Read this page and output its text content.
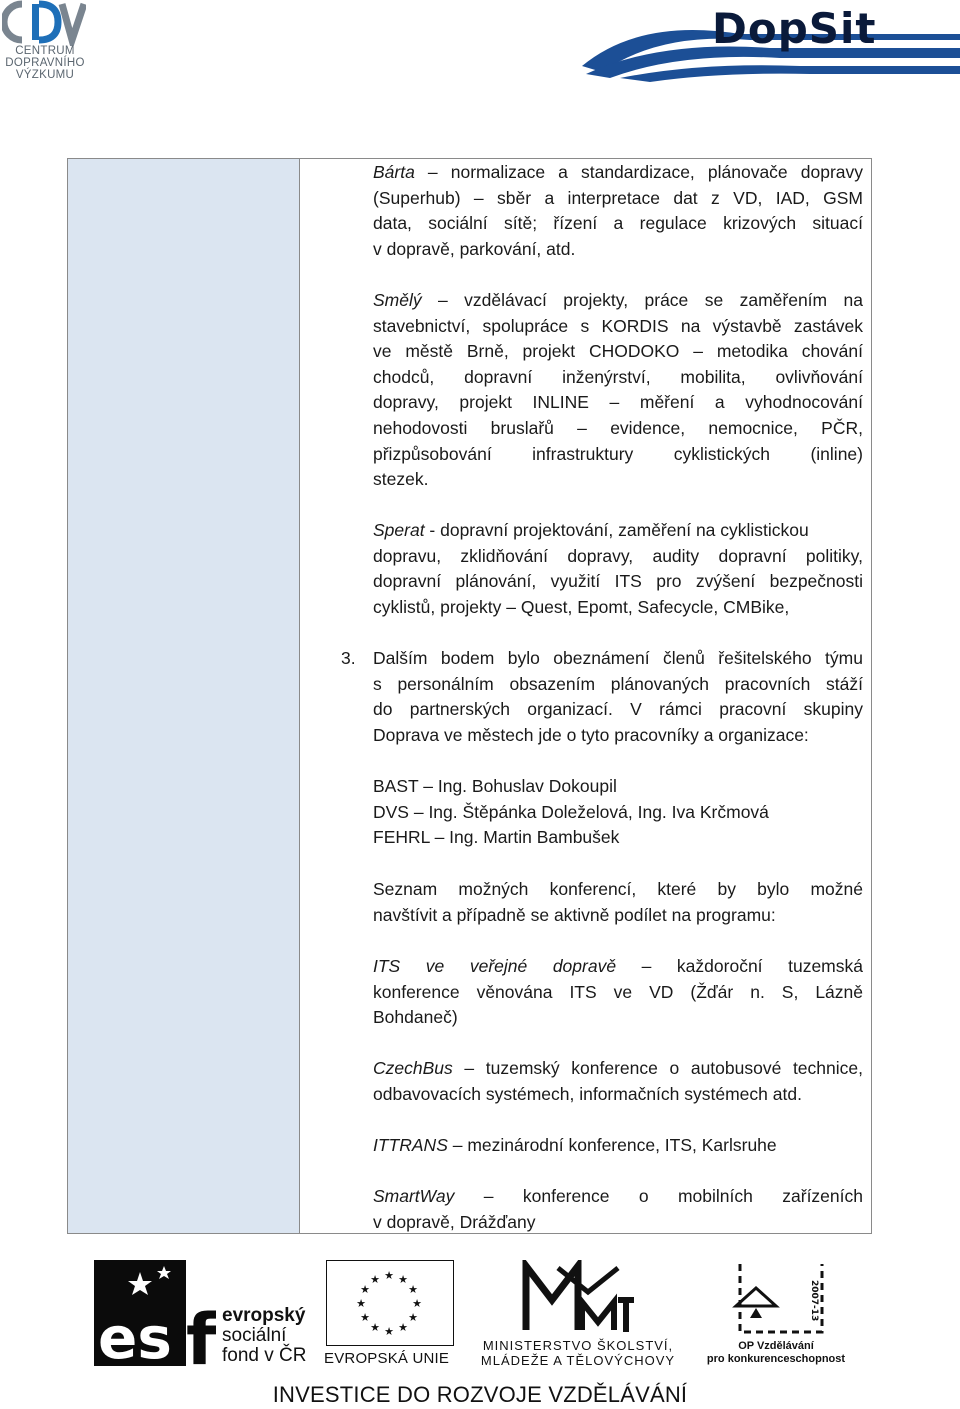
CENTRUM
DOPRAVNÍHO
VÝZKUMU
DopSit
Bárta – normalizace a standardizace, plánovače dopravy
(Superhub) – sběr a interpretace dat z VD, IAD, GSM
data, sociální sítě; řízení a regulace krizových situací
v dopravě, parkování, atd.
Smělý – vzdělávací projekty, práce se zaměřením na
stavebnictví, spolupráce s KORDIS na výstavbě zastávek
ve městě Brně, projekt CHODOKO – metodika chování
chodců, dopravní inženýrství, mobilita, ovlivňování
dopravy, projekt INLINE – měření a vyhodnocování
nehodovosti bruslařů – evidence, nemocnice, PČR,
přizpůsobování infrastruktury cyklistických (inline)
stezek.
Sperat - dopravní projektování, zaměření na cyklistickou
dopravu, zklidňování dopravy, audity dopravní politiky,
dopravní plánování, využití ITS pro zvýšení bezpečnosti
cyklistů, projekty – Quest, Epomt, Safecycle, CMBike,
3. Dalším bodem bylo obeznámení členů řešitelského týmu
s personálním obsazením plánovaných pracovních stáží
do partnerských organizací. V rámci pracovní skupiny
Doprava ve městech jde o tyto pracovníky a organizace:
BAST – Ing. Bohuslav Dokoupil
DVS – Ing. Štěpánka Doleželová, Ing. Iva Krčmová
FEHRL – Ing. Martin Bambušek
Seznam možných konferencí, které by bylo možné
navštívit a případně se aktivně podílet na programu:
ITS ve veřejné dopravě – každoroční tuzemská
konference věnována ITS ve VD (Žďár n. S, Lázně
Bohdaneč)
CzechBus – tuzemský konference o autobusové technice,
odbavovacích systémech, informačních systémech atd.
ITTRANS – mezinárodní konference, ITS, Karlsruhe
SmartWay – konference o mobilních zařízeních
v dopravě, Drážďany
es f evropský
sociální
fond v ČR
★ ★
★
★
★
★
★
★
★
★
★
★
EVROPSKÁ UNIE
MINISTERSTVO ŠKOLSTVÍ,
MLÁDEŽE A TĚLOVÝCHOVY
2007-13
OP Vzdělávání
pro konkurenceschopnost
INVESTICE DO ROZVOJE VZDĚLÁVÁNÍ
